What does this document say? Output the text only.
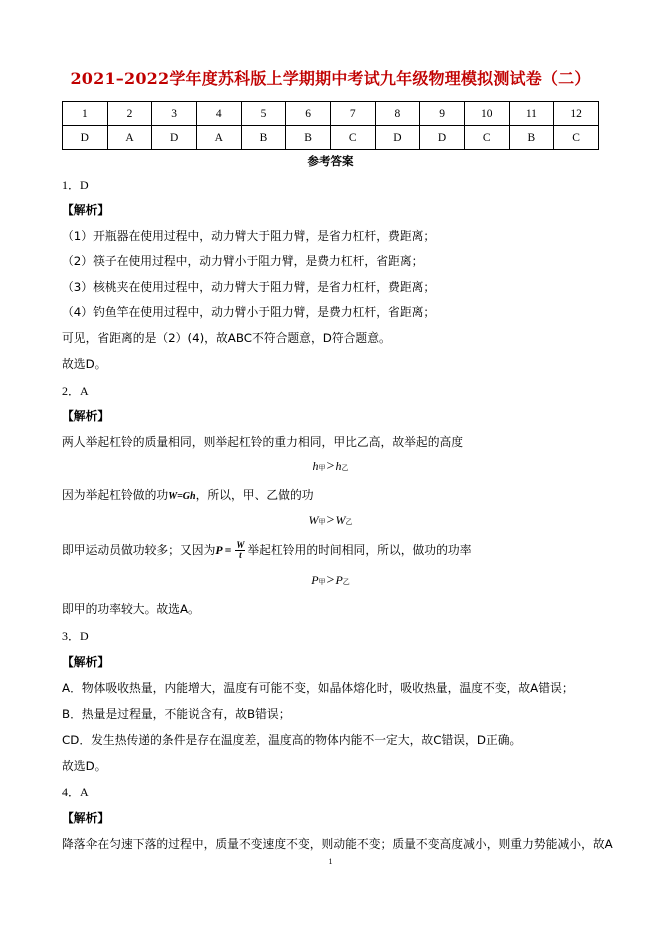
2021–2022学年度苏科版上学期期中考试九年级物理模拟测试卷（二）
1	2	3	4	5	6	7	8	9	10	11	12
D	A	D	A	B	B	C	D	D	C	B	C
参考答案
1．D
【解析】
（1）开瓶器在使用过程中，动力臂大于阻力臂，是省力杠杆，费距离；
（2）筷子在使用过程中，动力臂小于阻力臂，是费力杠杆，省距离；
（3）核桃夹在使用过程中，动力臂大于阻力臂，是省力杠杆，费距离；
（4）钓鱼竿在使用过程中，动力臂小于阻力臂，是费力杠杆，省距离；
可见，省距离的是（2）(4)，故ABC不符合题意，D符合题意。
故选D。
2．A
【解析】
两人举起杠铃的质量相同，则举起杠铃的重力相同，甲比乙高，故举起的高度
h甲>h乙
因为举起杠铃做的功W=Gh，所以，甲、乙做的功
W甲>W乙
即甲运动员做功较多；又因为$P = \frac{W}{t}$ 举起杠铃用的时间相同，所以，做功的功率
P甲>P乙
即甲的功率较大。故选A。
3．D
【解析】
A．物体吸收热量，内能增大，温度有可能不变，如晶体熔化时，吸收热量，温度不变，故A错误；
B．热量是过程量，不能说含有，故B错误；
CD．发生热传递的条件是存在温度差，温度高的物体内能不一定大，故C错误，D正确。
故选D。
4．A
【解析】
降落伞在匀速下落的过程中，质量不变速度不变，则动能不变；质量不变高度减小，则重力势能减小，故A
1
